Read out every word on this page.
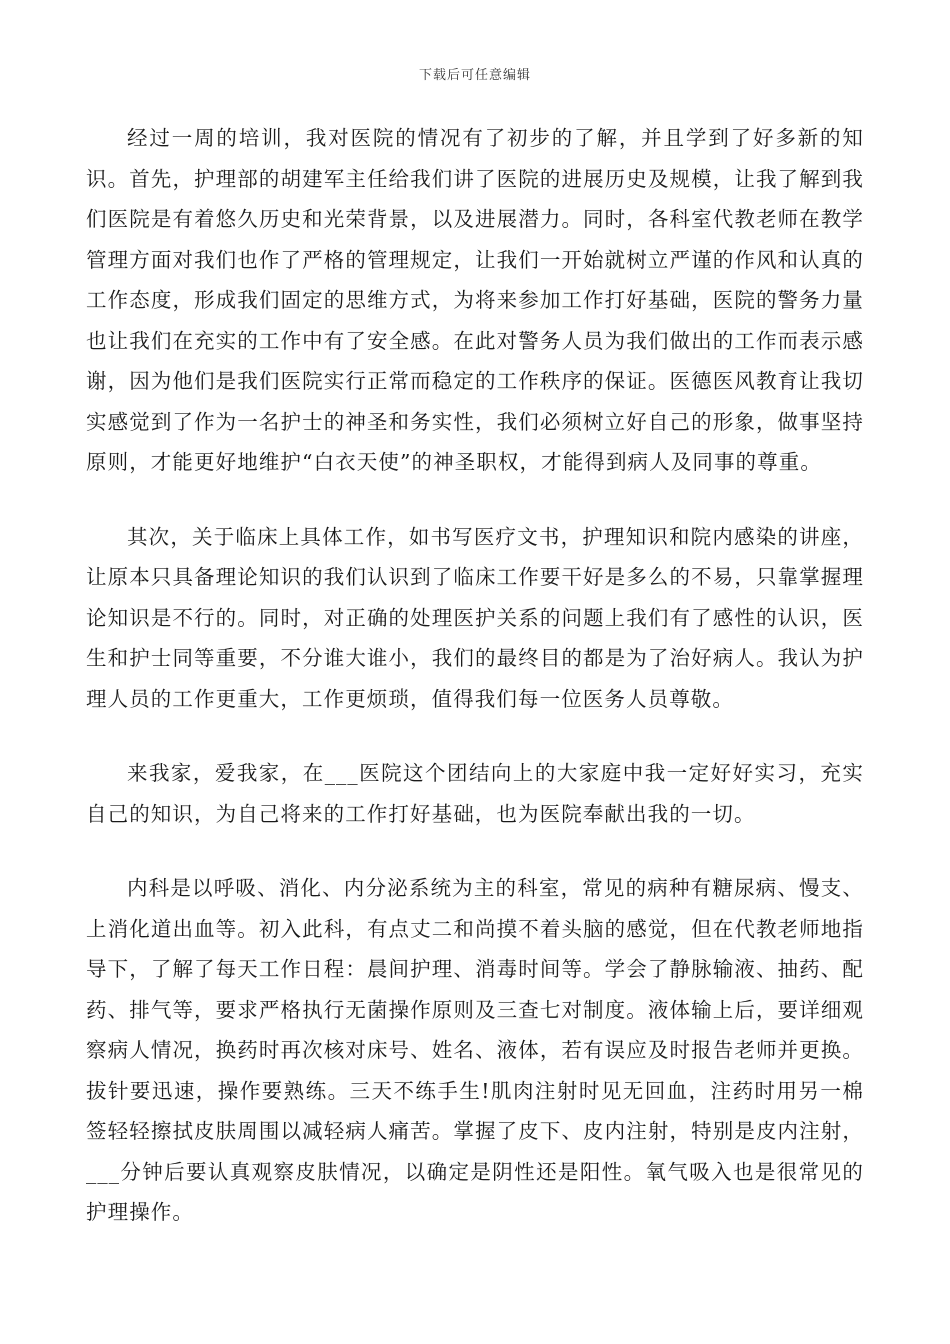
下载后可任意编辑

经过一周的培训，我对医院的情况有了初步的了解，并且学到了好多新的知识。首先，护理部的胡建军主任给我们讲了医院的进展历史及规模，让我了解到我们医院是有着悠久历史和光荣背景，以及进展潜力。同时，各科室代教老师在教学管理方面对我们也作了严格的管理规定，让我们一开始就树立严谨的作风和认真的工作态度，形成我们固定的思维方式，为将来参加工作打好基础，医院的警务力量也让我们在充实的工作中有了安全感。在此对警务人员为我们做出的工作而表示感谢，因为他们是我们医院实行正常而稳定的工作秩序的保证。医德医风教育让我切实感觉到了作为一名护士的神圣和务实性，我们必须树立好自己的形象，做事坚持原则，才能更好地维护“白衣天使”的神圣职权，才能得到病人及同事的尊重。

其次，关于临床上具体工作，如书写医疗文书，护理知识和院内感染的讲座，让原本只具备理论知识的我们认识到了临床工作要干好是多么的不易，只靠掌握理论知识是不行的。同时，对正确的处理医护关系的问题上我们有了感性的认识，医生和护士同等重要，不分谁大谁小，我们的最终目的都是为了治好病人。我认为护理人员的工作更重大，工作更烦琐，值得我们每一位医务人员尊敬。

来我家，爱我家，在___医院这个团结向上的大家庭中我一定好好实习，充实自己的知识，为自己将来的工作打好基础，也为医院奉献出我的一切。

内科是以呼吸、消化、内分泌系统为主的科室，常见的病种有糖尿病、慢支、上消化道出血等。初入此科，有点丈二和尚摸不着头脑的感觉，但在代教老师地指导下，了解了每天工作日程：晨间护理、消毒时间等。学会了静脉输液、抽药、配药、排气等，要求严格执行无菌操作原则及三查七对制度。液体输上后，要详细观察病人情况，换药时再次核对床号、姓名、液体，若有误应及时报告老师并更换。拔针要迅速，操作要熟练。三天不练手生!肌肉注射时见无回血，注药时用另一棉签轻轻擦拭皮肤周围以减轻病人痛苦。掌握了皮下、皮内注射，特别是皮内注射，___分钟后要认真观察皮肤情况，以确定是阴性还是阳性。氧气吸入也是很常见的护理操作。
